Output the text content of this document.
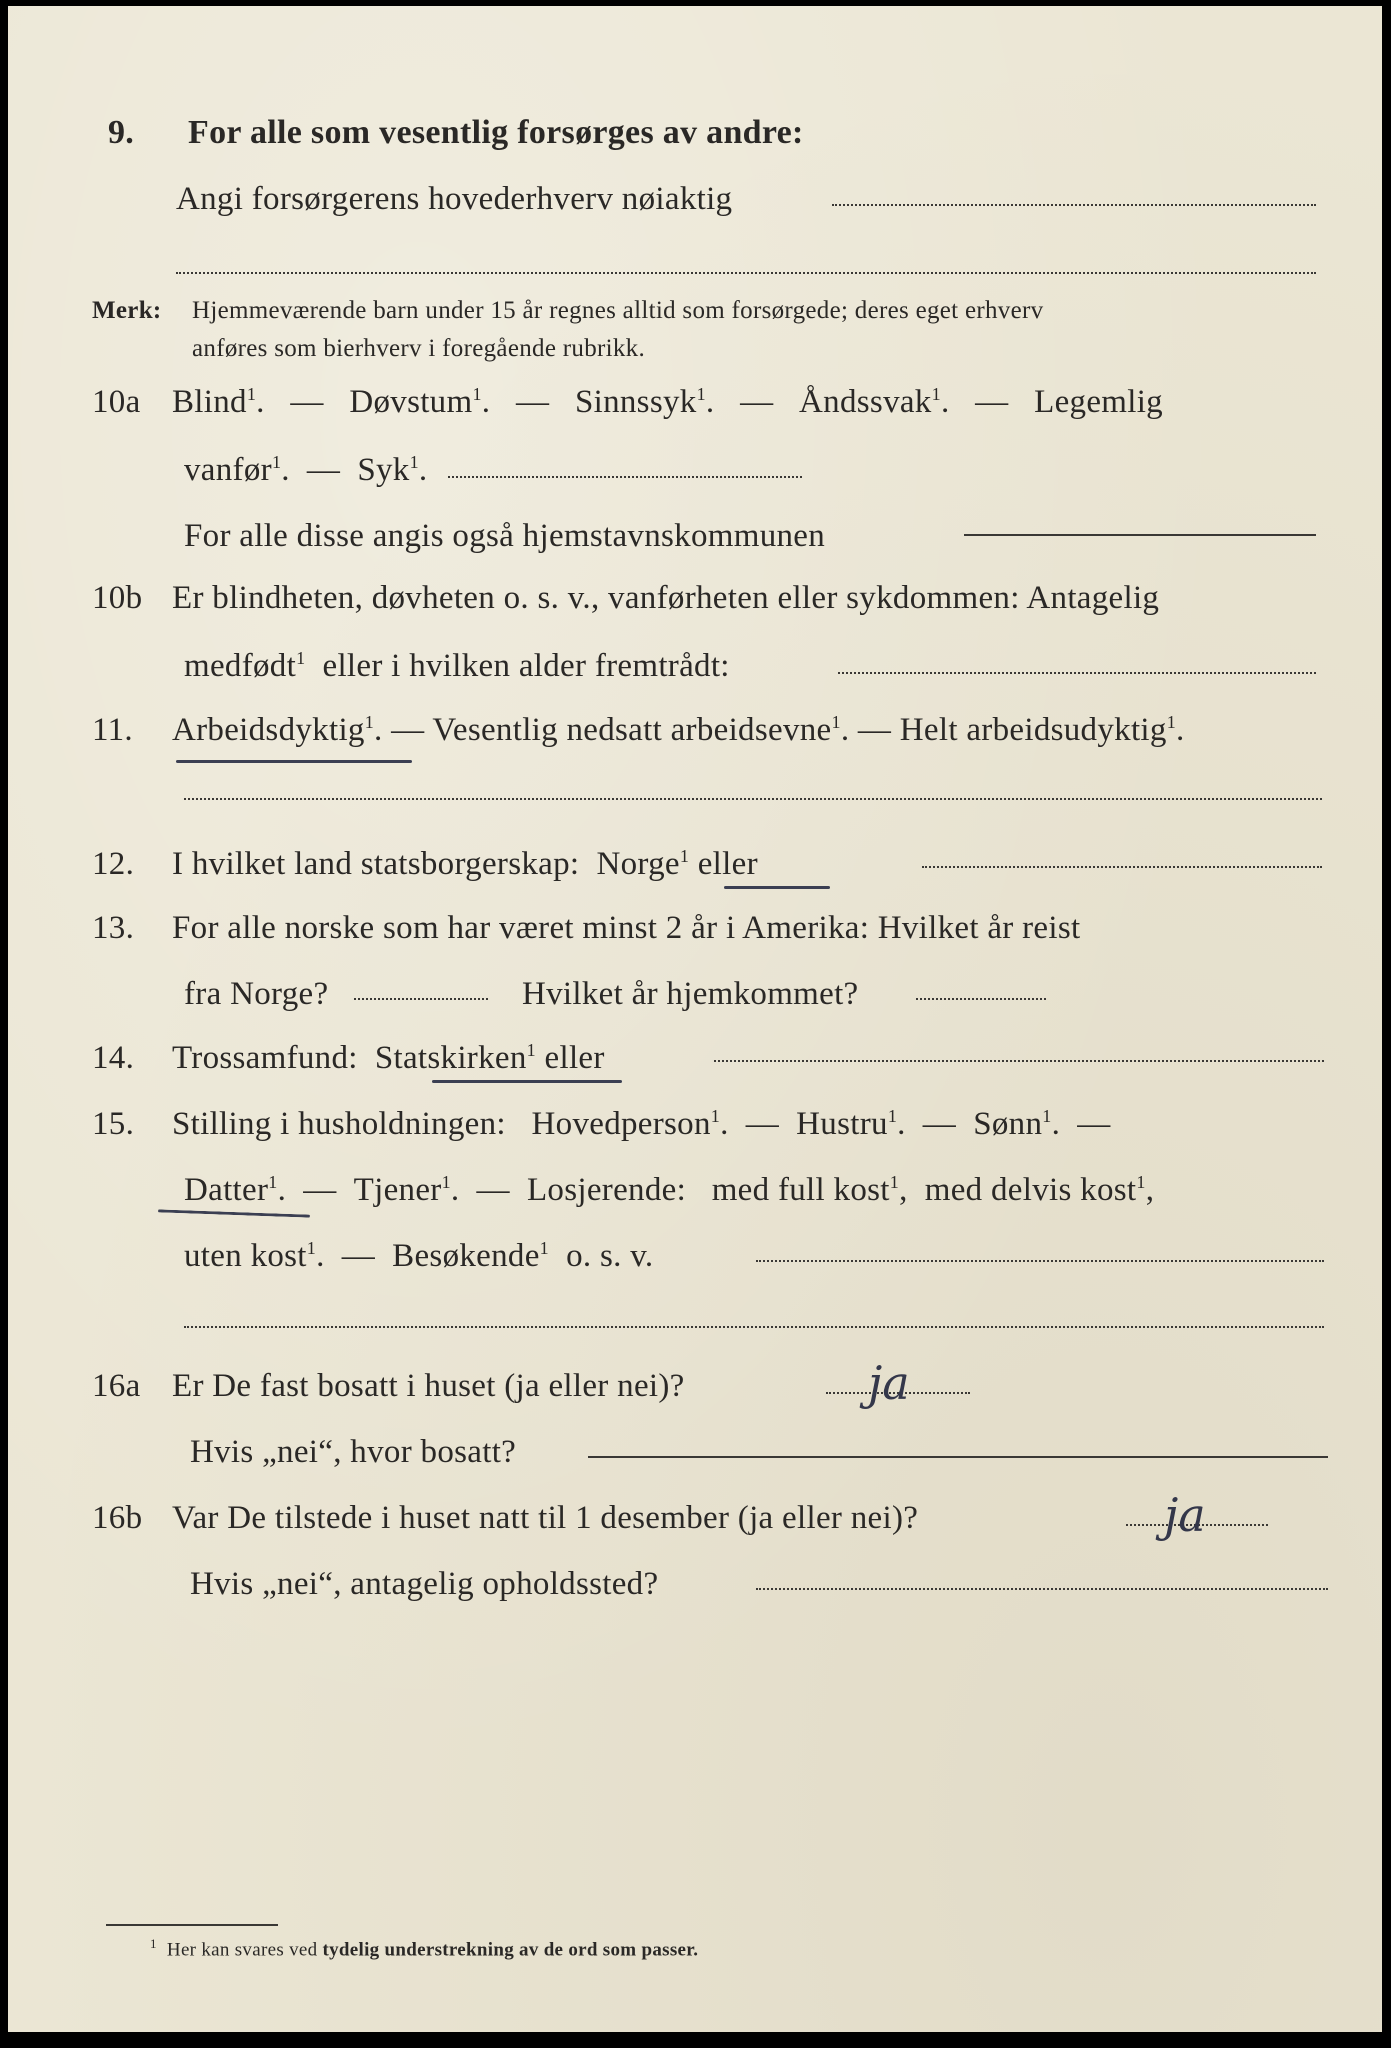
9. For alle som vesentlig forsørges av andre:
Angi forsørgerens hovederhverv nøiaktig
Merk: Hjemmeværende barn under 15 år regnes alltid som forsørgede; deres eget erhverv
anføres som bierhverv i foregående rubrikk.
10a Blind$^1$.   — Døvstum$^1$.   — Sinnssyk$^1$.   — Åndssvak$^1$.   — Legemlig
vanfør$^1$.  — Syk$^1$.
For alle disse angis også hjemstavnskommunen
10b Er blindheten, døvheten o. s. v., vanførheten eller sykdommen: Antagelig
medfødt$^1$ eller i hvilken alder fremtrådt:
11. Arbeidsdyktig$^1$. — Vesentlig nedsatt arbeidsevne$^1$. — Helt arbeidsudyktig$^1$.
12. I hvilket land statsborgerskap: Norge$^1$ eller
13. For alle norske som har været minst 2 år i Amerika: Hvilket år reist
fra Norge?	Hvilket år hjemkommet?
14. Trossamfund: Statskirken$^1$ eller
15. Stilling i husholdningen: Hovedperson$^1$.  — Hustru$^1$.  — Sønn$^1$.  —
Datter$^1$.  — Tjener$^1$.  — Losjerende: med full kost$^1$,  med delvis kost$^1$,
uten kost$^1$.  — Besøkende$^1$ o. s. v.
16a Er De fast bosatt i huset (ja eller nei)?	ja
Hvis „nei“, hvor bosatt?
16b Var De tilstede i huset natt til 1 desember (ja eller nei)?	ja
Hvis „nei“, antagelig opholdssted?
$^1$ Her kan svares ved tydelig understrekning av de ord som passer.
